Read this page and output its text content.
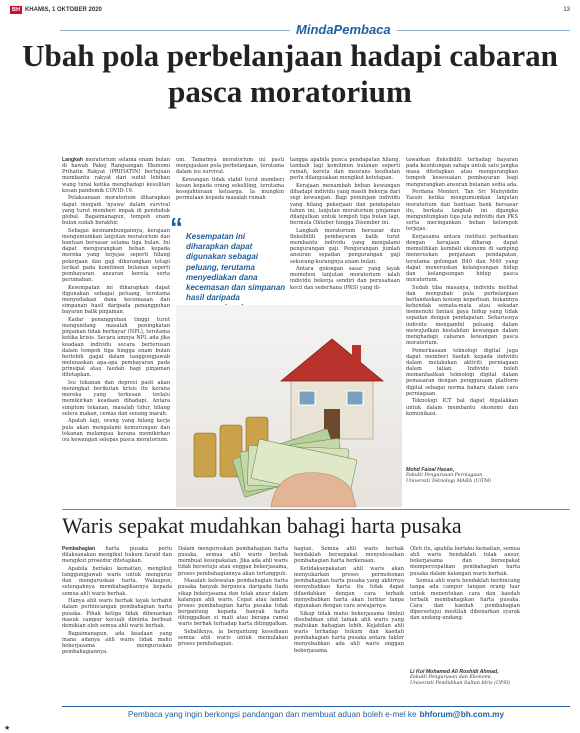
BH KHAMIS, 1 OKTOBER 2020	13
MindaPembaca
Ubah pola perbelanjaan hadapi cabaran pasca moratorium

Langkah moratorium selama enam bulan di bawah Pakej Rangsangan Ekonomi Prihatin Rakyat (PRIHATIN) bertujuan membantu rakyat dari sudut lebihan wang tunai ketika menghadapi kesulitan kesan pandemik COVID-19.

Pelaksanaan moratorium diharapkan dapat menjadi 'nyawa' dalam survival yang turut memberi impak di penduduk global. Bagaimanapun, tempoh enam bulan sudah berakhir.

Sebagai kesinambungannya, kerajaan mengumumkan lanjutan moratorium dan bantuan bersasar selama tiga bulan. Ini dapat mengurangkan beban kepada mereka yang terjejas seperti hilang pekerjaan dan gaji dikurangkan tetapi terikat pada komitmen bulanan seperti pembayaran ansuran kereta serta perumahan.

Kesempatan ini diharapkan dapat digunakan sebagai peluang, terutama menyediakan dana kecemasan dan simpanan hasil daripada penangguhan bayaran balik pinjaman.

Kadar penangguhan tinggi turut mengundang masalah peningkatan pinjaman tidak berbayar (NPL), terutama ketika krisis. Secara amnya NPL ada jika keadaan individu secara berterusan dalam tempoh tiga hingga enam bulan berlebih gagal dalam tanggungjawab melunaskan apa-apa pembayaran pada prinsipal atau faedah bagi pinjaman ditetapkan.

Isu tekanan dan depresi pasti akan meningkat berikutan krisis itu kerana mereka yang terkesan terlalu memikirkan keadaan dihadapi. Antara simptom tekanan, masalah tidur, hilang selera makan, cemas dan senang marah.

Apatah lagi, orang yang hilang kerja pula akan mengalami kemurungan dan tekanan melampau kerana memikirkan isu kewangan selepas pasca moratorium.

um. Tamatnya moratorium ini pasti menjejaskan pola perbelanjaan, terutama dalam isu survival.

Kewangan tidak stabil turut memberi kesan kepada orang sekeliling, terutama kesejahteraan keluarga. Ia mungkin permulaan kepada masalah rumah

“ Kesempatan ini diharapkan dapat digunakan sebagai peluang, terutama menyediakan dana kecemasan dan simpanan hasil daripada

tangga apabila punca pendapatan hilang, tambah lagi komitmen bulanan seperti rumah, kereta dan insurans kesihatan perlu dilangsaikan mengikut ketetapan.

Kerajaan menambah beban kewangan dihadapi individu yang masih bekerja dari segi kewangan. Bagi peminjam individu yang hilang pekerjaan dan pendapatan tahun ini, lanjutan moratorium pinjaman dilanjutkan untuk tempoh tiga bulan lagi, bermula Oktober hingga Disember ini.

Langkah moratorium bersasar dan fleksibiliti pembayaran balik turut membantu individu yang mengalami pengurangan gaji. Pengurangan jumlah ansuran sepadan pengurangan gaji sekurang-kurangnya enam bulan.

Antara golongan sasar yang layak memohon lanjutan moratorium ialah individu bekerja sendiri dan perusahaan kecil dan sederhana (PKS) yang di-

tawarkan fleksibiliti terhadap bayaran pada keuntungan sahaja untuk satu jangka masa ditetapkan atau mengurangkan tempoh kesesuaian pembayaran bagi mengurangkan ansuran bulanan sedia ada.

Perdana Menteri, Tan Sri Muhyiddin Yassin ketika mengumumkan lanjutan moratorium dan bantuan bank bersasar itu, berkata langkah ini dijangka menguntungkan tiga juta individu dan PKS serta meringankan beban kelompok terjejas.

Kerjasama antara institusi perbankan dengan kerajaan diharap dapat memulihkan kembali ekonomi di samping meneruskan penjanaan pendapatan, terutama golongan B40 dan M40 yang dapat meneruskan kelangsungan hidup dan kelangsungan hidup pasca moratorium.

Sudah tiba masanya, individu melihat dan mengubah pola perbelanjaan berlandaskan konsep keperluan, bukannya kehendak semata-mata atau sekadar memenuhi fantasi gaya hidup yang tidak sepadan dengan pendapatan. Seharusnya individu mengambil peluang dalam mewujudkan kestabilan kewangan dalam menghadapi cabaran kewangan pasca moratorium.

Pemerkasaan teknologi digital juga dapat memberi faedah kepada individu dalam melakukan aktiviti perniagaan dalam talian. Individu boleh memanfaatkan teknologi digital dalam pemasaran dengan penggunaan platform digital sebagai norma baharu dalam cara perniagaan.

Teknologi ICT hal dapat digalakkan untuk dalam membantu ekonomi dan komunikasi.

Mohd Faizal Hasan,
Fakulti Pengurusan Perniagaan,
Universiti Teknologi MARA (UiTM)
Waris sepakat mudahkan bahagi harta pusaka

Pembahagian harta pusaka perlu dilaksanakan mengikut hukum faraid dan mengikut prosedur ditetapkan.

Apabila berlaku kematian, mengikut tanggungjawab waris untuk mengurus dan menguruskan harta. Walaupun, setengahnya membahagikannya kepada semua ahli waris berhak.

Hanya ahli waris berhak layak terbabit dalam perbincangan pembahagian harta pusaka. Pihak ketiga tidak dibenarkan masuk campur kecuali diminta berbuat demikian oleh semua ahli waris berhak.

Bagaimanapun, ada keadaan yang mana adanya ahli waris tidak mahu bekerjasama menguruskan pembahagiannya.

Dalam menguruskan pembahagian harta pusaka, semua ahli waris berhak membuat kesepakatan. Jika ada ahli waris tidak bersetuju atau enggan bekerjasama, proses pembahagiannya akan tertangguh.

Masalah kelewatan pembahagian harta pusaka banyak berpunca daripada tiada sikap bekerjasama dan tolak ansur dalam kalangan ahli waris. Cepat atau lambat proses pembahagian harta pusaka tidak bergantung kepada banyak harta ditinggalkan si mati atau berapa ramai waris berhak terhadap harta ditinggalkan.

Sebaliknya, ia bergantung kesediaan semua ahli waris untuk memulakan proses pembahagian.

hagian. Semua ahli waris berhak hendaklah bersepakat menyelesaikan pembahagian harta berkenaan.

Ketidaksepakatan ahli waris akan menyukarkan proses permohonan pembahagian harta pusaka yang akhirnya menyebabkan harta itu tidak dapat difaedahkan dengan cara terbaik menyebabkan harta akan terbiar tanpa digunakan dengan cara sewajarnya.

Sikap tidak mahu bekerjasama timbul disebabkan sifat tamak ahli waris yang mahukan bahagian lebih. Kejahilan ahli waris terhadap hukum dan kaedah pembahagian harta pusaka antara faktor menyebabkan ada ahli waris enggan bekerjasama.

Oleh itu, apabila berlaku kematian, semua ahli waris hendaklah tolak ansur, bekerjasama dan bersepakat mempercepatkan pembahagian harta pusaka dalam kalangan waris berhak.

Semua ahli waris hendaklah berbincang tanpa ada campur tangan orang luar untuk menentukan cara dan kaedah terbaik membahagikan harta pusaka. Cara dan kaedah pembahagian dipersetujui mestilah dibenarkan syarak dan undang-undang.

Li Kol Mohamed Ali Roshidi Ahmad,
Fakulti Pengurusan dan Ekonomi,
Universiti Pendidikan Sultan Idris (UPSI)
Pembaca yang ingin berkongsi pandangan dan membuat aduan boleh e-mel ke bhforum@bh.com.my
★
